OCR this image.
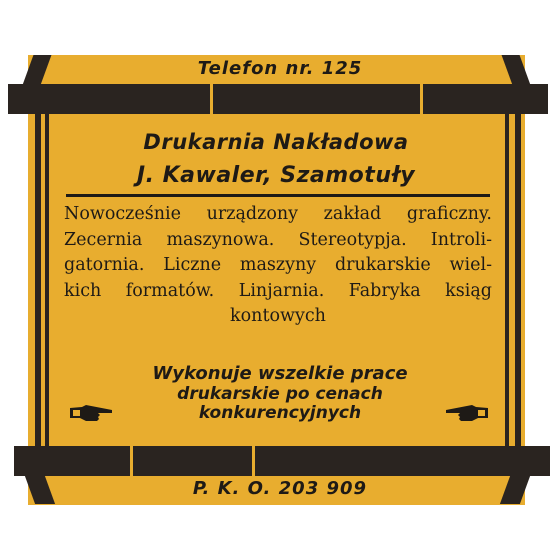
Telefon nr. 125
Drukarnia Nakładowa
J. Kawaler, Szamotuły
Nowocześnie urządzony zakład graficzny.
Zecernia maszynowa. Stereotypja. Introli-
gatornia. Liczne maszyny drukarskie wiel-
kich formatów. Linjarnia. Fabryka ksiąg
kontowych
Wykonuje wszelkie prace
drukarskie po cenach
konkurencyjnych
P. K. O. 203 909
